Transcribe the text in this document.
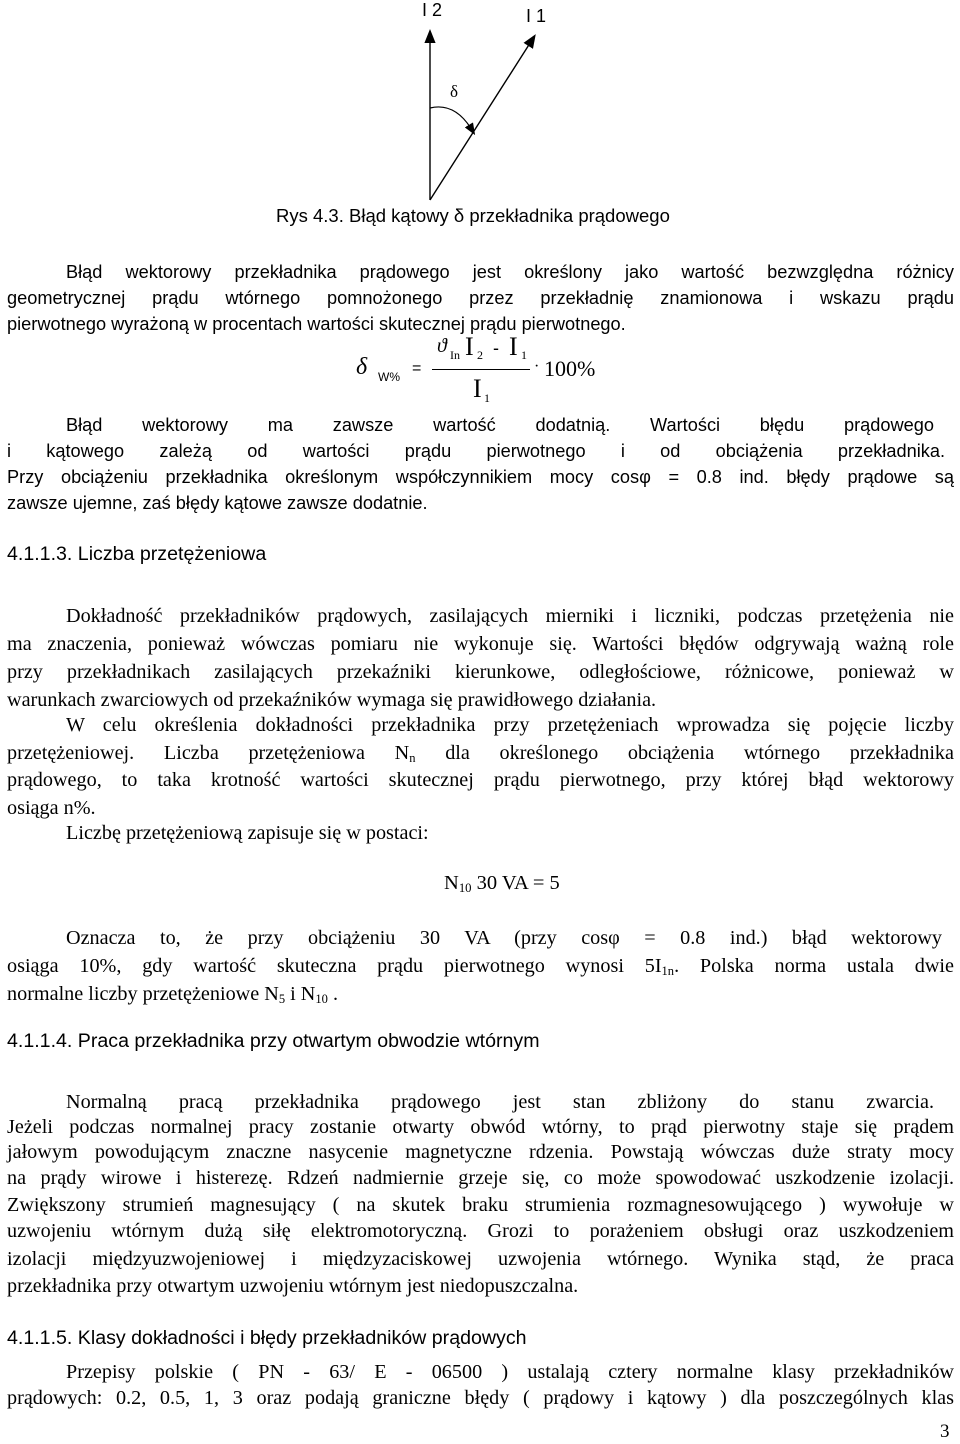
I 2	I 1
δ
Rys 4.3. Błąd kątowy δ przekładnika prądowego
Błąd wektorowy przekładnika prądowego jest określony jako wartość bezwzględna różnicy
geometrycznej prądu wtórnego pomnożonego przez przekładnię znamionowa i wskazu prądu
pierwotnego wyrażoną w procentach wartości skutecznej prądu pierwotnego.
δ W% =
ϑ In I 2 - I 1
· 100%
I 1
Błąd wektorowy ma zawsze wartość dodatnią. Wartości błędu prądowego
i kątowego zależą od wartości prądu pierwotnego i od obciążenia przekładnika.
Przy obciążeniu przekładnika określonym współczynnikiem mocy cosφ = 0.8 ind. błędy prądowe są
zawsze ujemne, zaś błędy kątowe zawsze dodatnie.
4.1.1.3. Liczba przetężeniowa
Dokładność przekładników prądowych, zasilających mierniki i liczniki, podczas przetężenia nie
ma znaczenia, ponieważ wówczas pomiaru nie wykonuje się. Wartości błędów odgrywają ważną role
przy przekładnikach zasilających przekaźniki kierunkowe, odległościowe, różnicowe, ponieważ w
warunkach zwarciowych od przekaźników wymaga się prawidłowego działania.
W celu określenia dokładności przekładnika przy przetężeniach wprowadza się pojęcie liczby
przetężeniowej. Liczba przetężeniowa $N_n$ dla określonego obciążenia wtórnego przekładnika
prądowego, to taka krotność wartości skutecznej prądu pierwotnego, przy której błąd wektorowy
osiąga n%.
Liczbę przetężeniową zapisuje się w postaci:
$N_{10}$ 30 VA = 5
Oznacza to, że przy obciążeniu 30 VA (przy cosφ = 0.8 ind.) błąd wektorowy
osiąga 10%, gdy wartość skuteczna prądu pierwotnego wynosi $5I_{1n}$. Polska norma ustala dwie
normalne liczby przetężeniowe $N_5$ i $N_{10}$ .
4.1.1.4. Praca przekładnika przy otwartym obwodzie wtórnym
Normalną pracą przekładnika prądowego jest stan zbliżony do stanu zwarcia.
Jeżeli podczas normalnej pracy zostanie otwarty obwód wtórny, to prąd pierwotny staje się prądem
jałowym powodującym znaczne nasycenie magnetyczne rdzenia. Powstają wówczas duże straty mocy
na prądy wirowe i histerezę. Rdzeń nadmiernie grzeje się, co może spowodować uszkodzenie izolacji.
Zwiększony strumień magnesujący ( na skutek braku strumienia rozmagnesowującego ) wywołuje w
uzwojeniu wtórnym dużą siłę elektromotoryczną. Grozi to porażeniem obsługi oraz uszkodzeniem
izolacji międzyuzwojeniowej i międzyzaciskowej uzwojenia wtórnego. Wynika stąd, że praca
przekładnika przy otwartym uzwojeniu wtórnym jest niedopuszczalna.
4.1.1.5. Klasy dokładności i błędy przekładników prądowych
Przepisy polskie ( PN - 63/ E - 06500 ) ustalają cztery normalne klasy przekładników
prądowych: 0.2, 0.5, 1, 3 oraz podają graniczne błędy ( prądowy i kątowy ) dla poszczególnych klas
3
